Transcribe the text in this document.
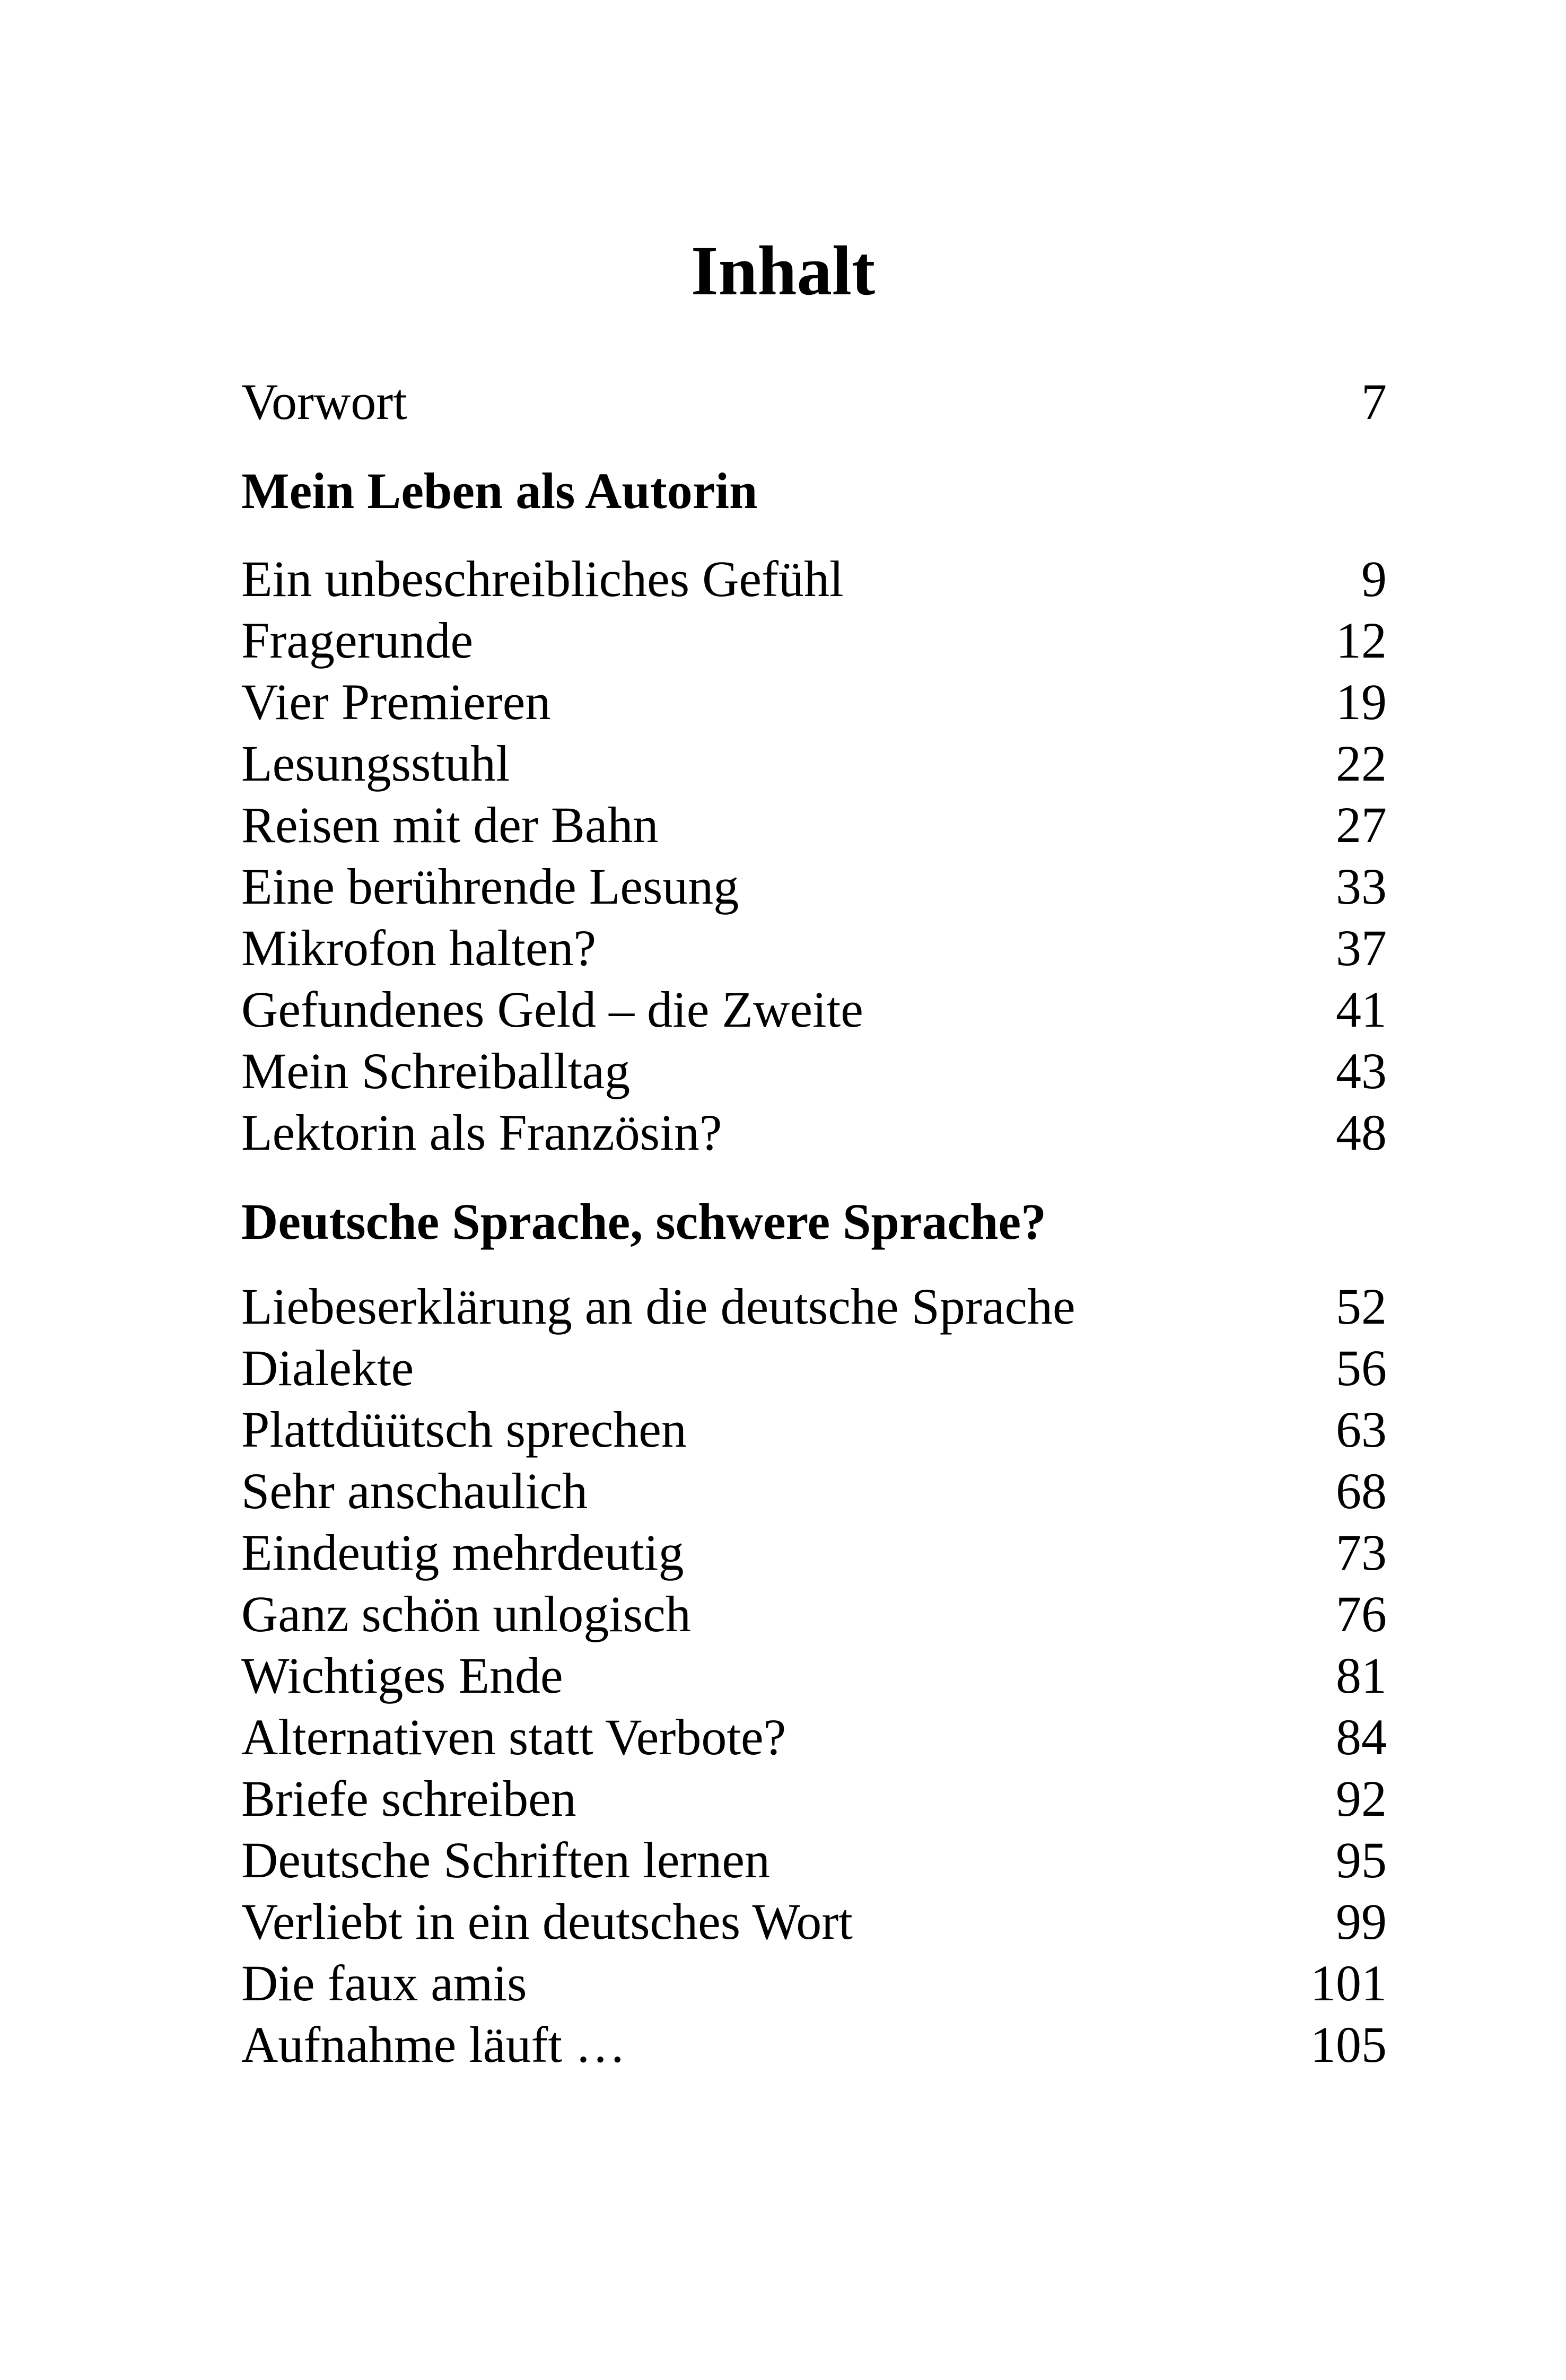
Inhalt
Vorwort	7
Mein Leben als Autorin
Ein unbeschreibliches Gefühl	9
Fragerunde	12
Vier Premieren	19
Lesungsstuhl	22
Reisen mit der Bahn	27
Eine berührende Lesung	33
Mikrofon halten?	37
Gefundenes Geld – die Zweite	41
Mein Schreiballtag	43
Lektorin als Französin?	48
Deutsche Sprache, schwere Sprache?
Liebeserklärung an die deutsche Sprache	52
Dialekte	56
Plattdüütsch sprechen	63
Sehr anschaulich	68
Eindeutig mehrdeutig	73
Ganz schön unlogisch	76
Wichtiges Ende	81
Alternativen statt Verbote?	84
Briefe schreiben	92
Deutsche Schriften lernen	95
Verliebt in ein deutsches Wort	99
Die faux amis	101
Aufnahme läuft …	105
